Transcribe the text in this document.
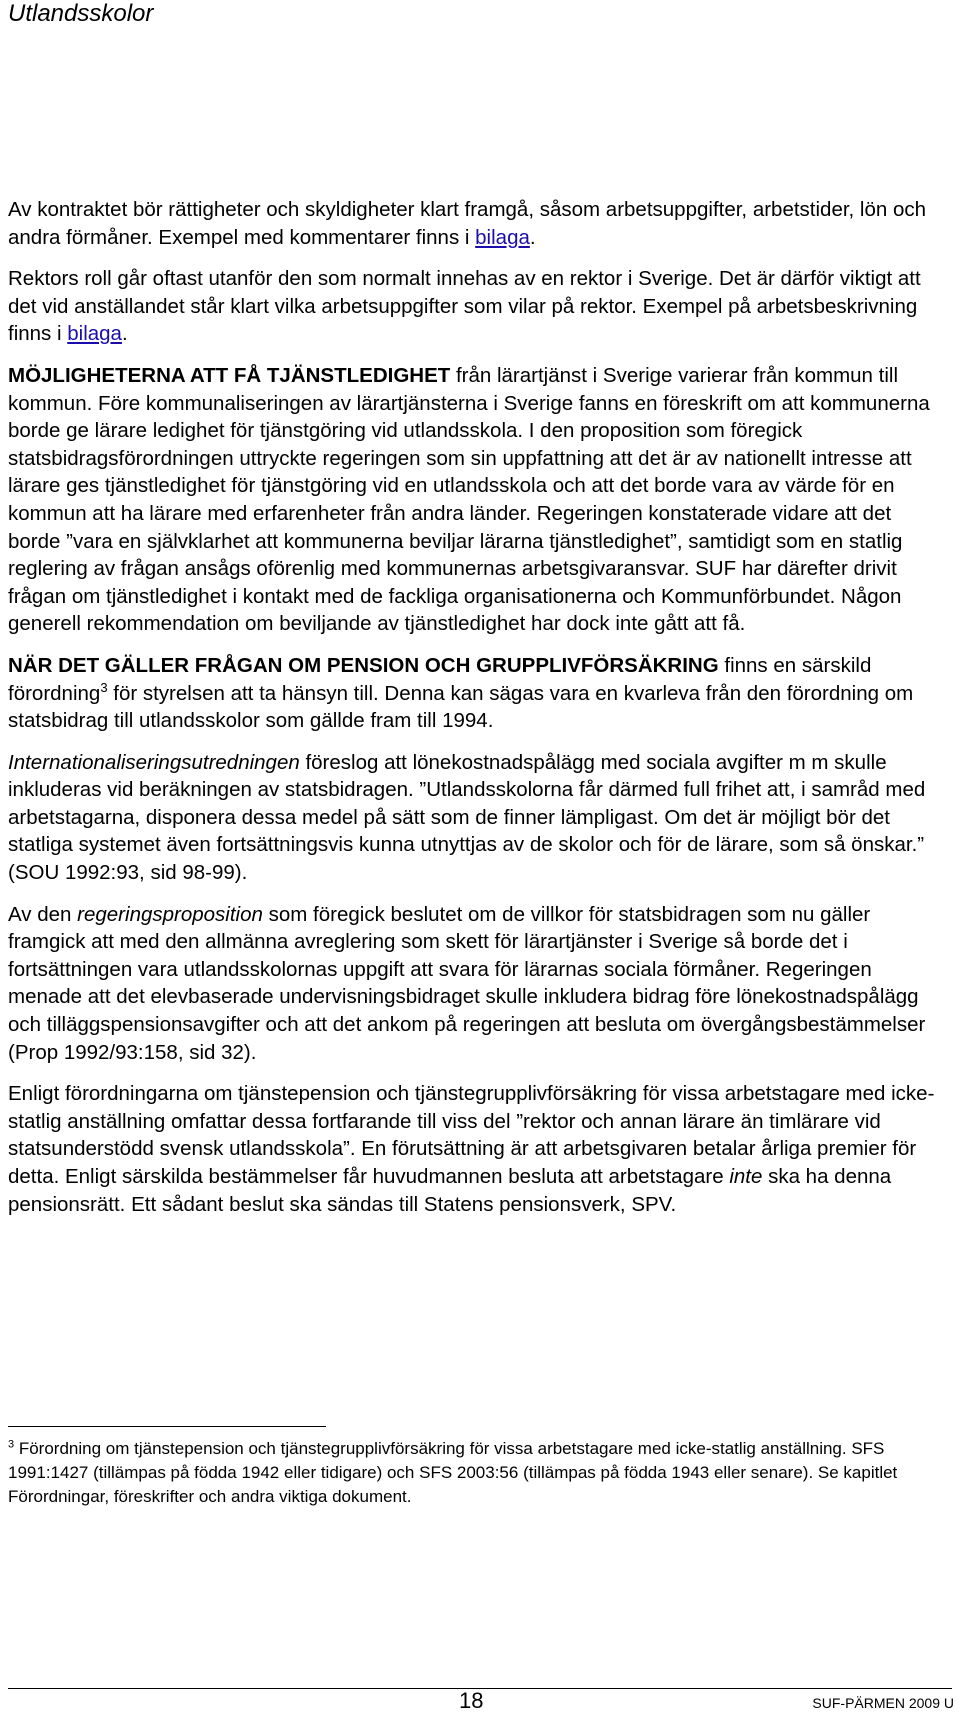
Utlandsskolor

Av kontraktet bör rättigheter och skyldigheter klart framgå, såsom arbetsuppgifter, arbetstider, lön och andra förmåner. Exempel med kommentarer finns i bilaga.

Rektors roll går oftast utanför den som normalt innehas av en rektor i Sverige. Det är därför viktigt att det vid anställandet står klart vilka arbetsuppgifter som vilar på rektor. Exempel på arbetsbeskrivning finns i bilaga.

MÖJLIGHETERNA ATT FÅ TJÄNSTLEDIGHET från lärartjänst i Sverige varierar från kommun till kommun. Före kommunaliseringen av lärartjänsterna i Sverige fanns en föreskrift om att kommunerna borde ge lärare ledighet för tjänstgöring vid utlandsskola. I den proposition som föregick statsbidragsförordningen uttryckte regeringen som sin uppfattning att det är av nationellt intresse att lärare ges tjänstledighet för tjänstgöring vid en utlandsskola och att det borde vara av värde för en kommun att ha lärare med erfarenheter från andra länder. Regeringen konstaterade vidare att det borde ”vara en självklarhet att kommunerna beviljar lärarna tjänstledighet”, samtidigt som en statlig reglering av frågan ansågs oförenlig med kommunernas arbetsgivaransvar. SUF har därefter drivit frågan om tjänstledighet i kontakt med de fackliga organisationerna och Kommunförbundet. Någon generell rekommendation om beviljande av tjänstledighet har dock inte gått att få.

NÄR DET GÄLLER FRÅGAN OM PENSION OCH GRUPPLIVFÖRSÄKRING finns en särskild förordning$^3$ för styrelsen att ta hänsyn till. Denna kan sägas vara en kvarleva från den förordning om statsbidrag till utlandsskolor som gällde fram till 1994.

Internationaliseringsutredningen föreslog att lönekostnadspålägg med sociala avgifter m m skulle inkluderas vid beräkningen av statsbidragen. ”Utlandsskolorna får därmed full frihet att, i samråd med arbetstagarna, disponera dessa medel på sätt som de finner lämpligast. Om det är möjligt bör det statliga systemet även fortsättningsvis kunna utnyttjas av de skolor och för de lärare, som så önskar.” (SOU 1992:93, sid 98-99).

Av den regeringsproposition som föregick beslutet om de villkor för statsbidragen som nu gäller framgick att med den allmänna avreglering som skett för lärartjänster i Sverige så borde det i fortsättningen vara utlandsskolornas uppgift att svara för lärarnas sociala förmåner. Regeringen menade att det elevbaserade undervisningsbidraget skulle inkludera bidrag före lönekostnadspålägg och tilläggspensionsavgifter och att det ankom på regeringen att besluta om övergångsbestämmelser (Prop 1992/93:158, sid 32).

Enligt förordningarna om tjänstepension och tjänstegrupplivförsäkring för vissa arbetstagare med icke-statlig anställning omfattar dessa fortfarande till viss del ”rektor och annan lärare än timlärare vid statsunderstödd svensk utlandsskola”. En förutsättning är att arbetsgivaren betalar årliga premier för detta. Enligt särskilda bestämmelser får huvudmannen besluta att arbetstagare inte ska ha denna pensionsrätt. Ett sådant beslut ska sändas till Statens pensionsverk, SPV.

$^3$ Förordning om tjänstepension och tjänstegrupplivförsäkring för vissa arbetstagare med icke-statlig anställning. SFS 1991:1427 (tillämpas på födda 1942 eller tidigare) och SFS 2003:56 (tillämpas på födda 1943 eller senare). Se kapitlet Förordningar, föreskrifter och andra viktiga dokument.
18	SUF-PÄRMEN 2009 U
